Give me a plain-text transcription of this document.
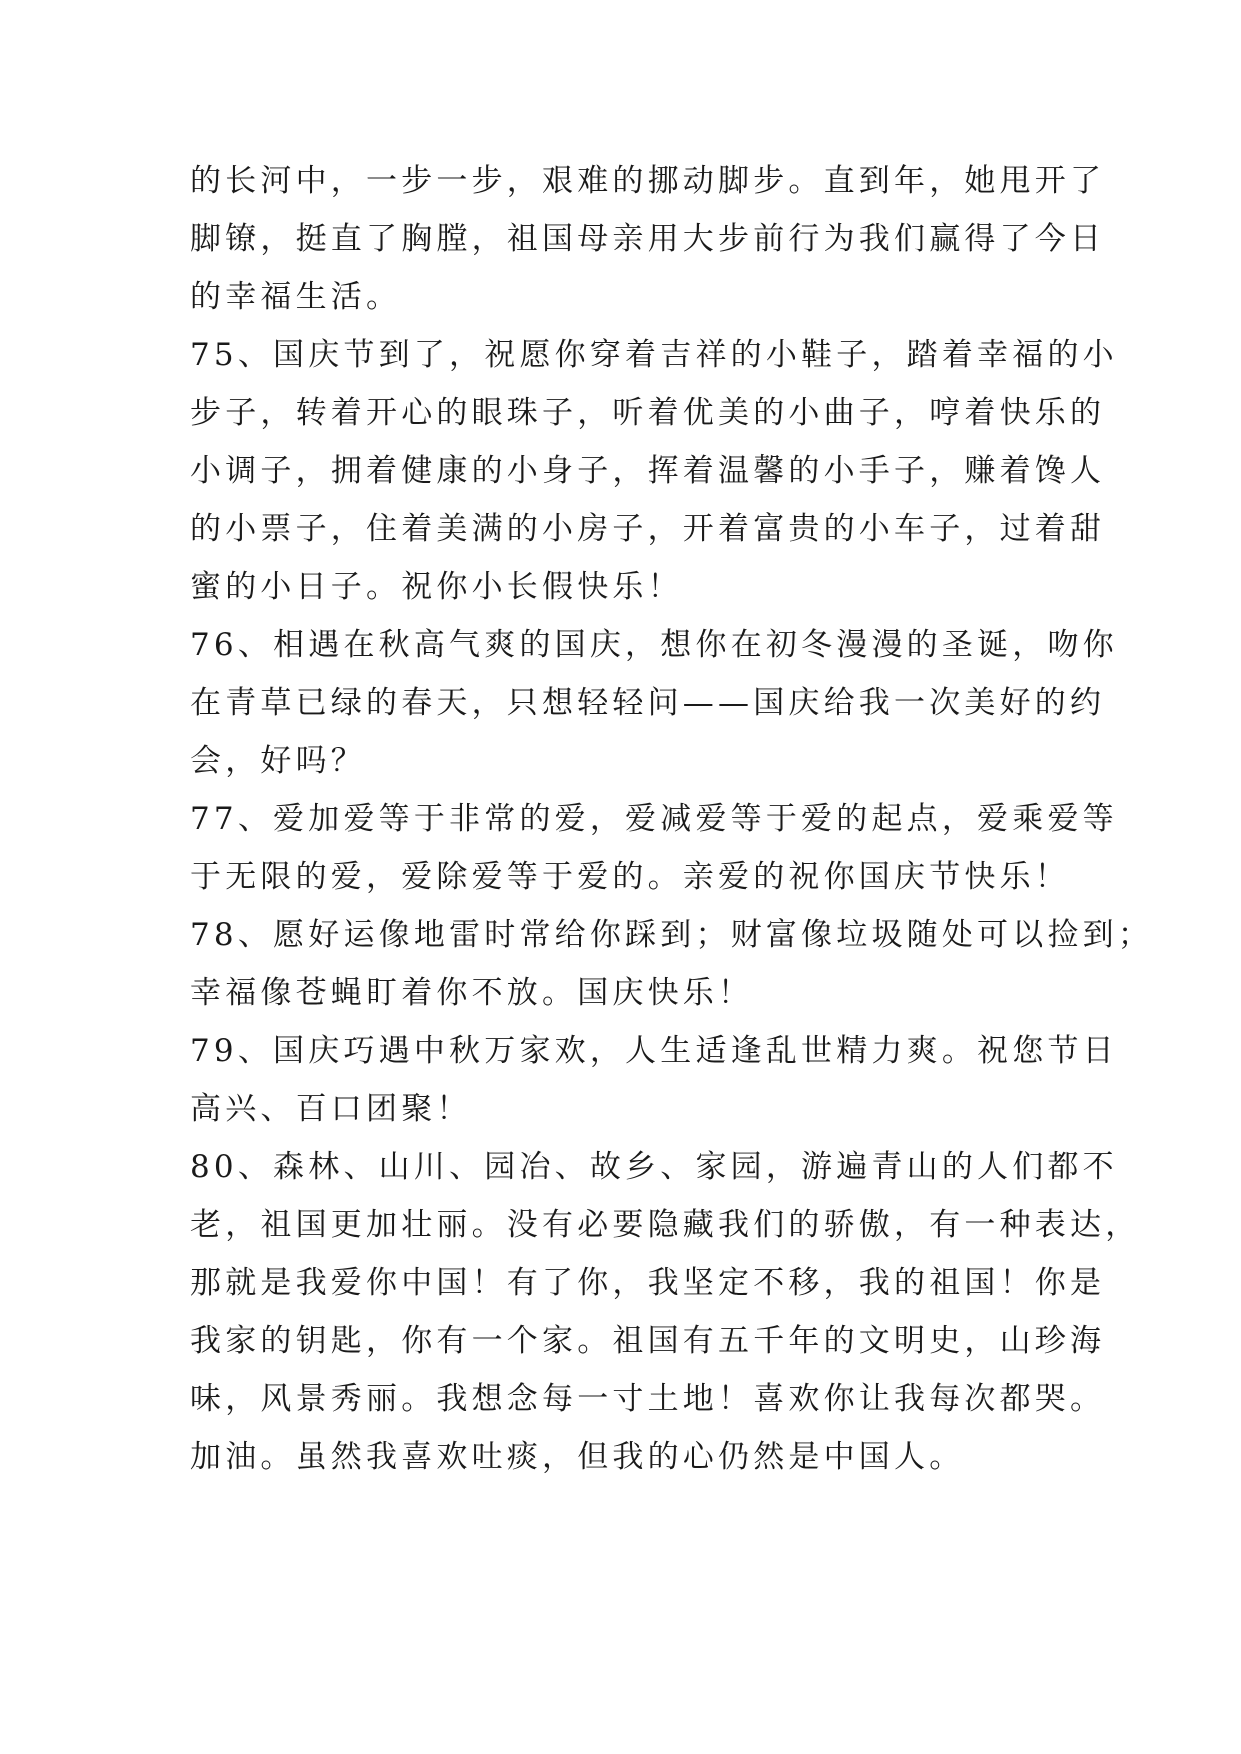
的长河中，一步一步，艰难的挪动脚步。直到年，她甩开了
脚镣，挺直了胸膛，祖国母亲用大步前行为我们赢得了今日
的幸福生活。
75、国庆节到了，祝愿你穿着吉祥的小鞋子，踏着幸福的小
步子，转着开心的眼珠子，听着优美的小曲子，哼着快乐的
小调子，拥着健康的小身子，挥着温馨的小手子，赚着馋人
的小票子，住着美满的小房子，开着富贵的小车子，过着甜
蜜的小日子。祝你小长假快乐！
76、相遇在秋高气爽的国庆，想你在初冬漫漫的圣诞，吻你
在青草已绿的春天，只想轻轻问——国庆给我一次美好的约
会，好吗？
77、爱加爱等于非常的爱，爱减爱等于爱的起点，爱乘爱等
于无限的爱，爱除爱等于爱的。亲爱的祝你国庆节快乐！
78、愿好运像地雷时常给你踩到；财富像垃圾随处可以捡到；
幸福像苍蝇盯着你不放。国庆快乐！
79、国庆巧遇中秋万家欢，人生适逢乱世精力爽。祝您节日
高兴、百口团聚！
80、森林、山川、园冶、故乡、家园，游遍青山的人们都不
老，祖国更加壮丽。没有必要隐藏我们的骄傲，有一种表达，
那就是我爱你中国！有了你，我坚定不移，我的祖国！你是
我家的钥匙，你有一个家。祖国有五千年的文明史，山珍海
味，风景秀丽。我想念每一寸土地！喜欢你让我每次都哭。
加油。虽然我喜欢吐痰，但我的心仍然是中国人。
